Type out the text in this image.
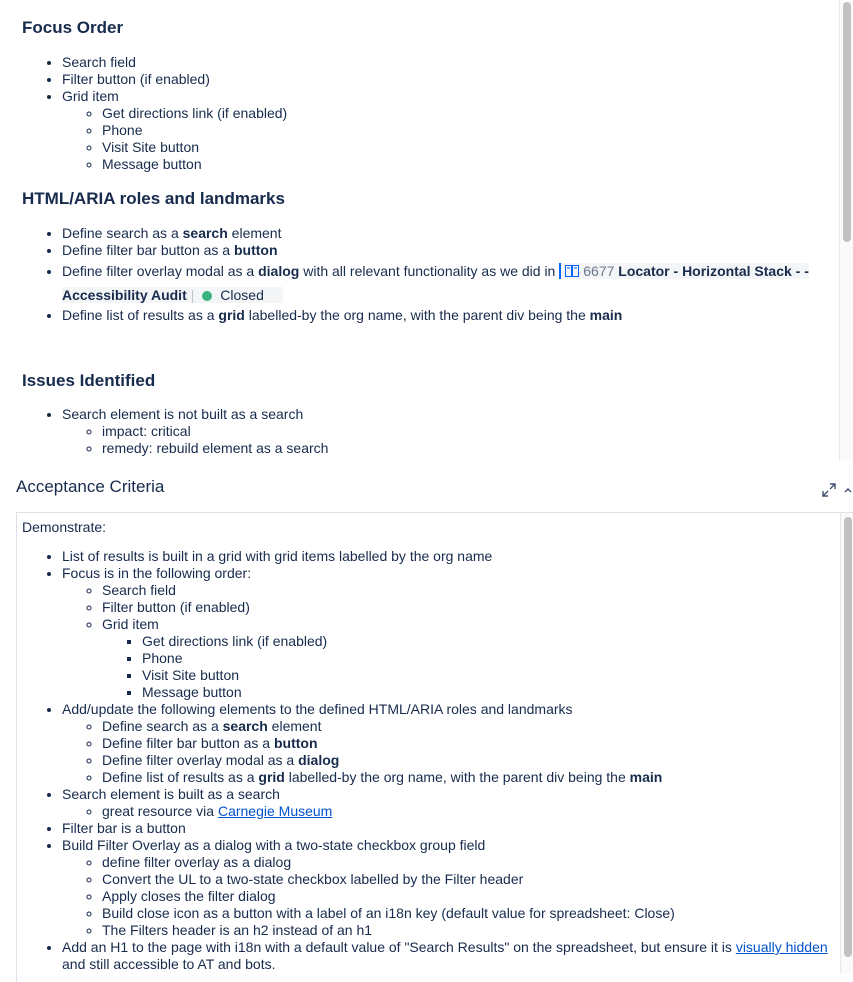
Focus Order
• Search field
• Filter button (if enabled)
• Grid item
◦ Get directions link (if enabled)
◦ Phone
◦ Visit Site button
◦ Message button
HTML/ARIA roles and landmarks
• Define search as a search element
• Define filter bar button as a button
• Define filter overlay modal as a dialog with all relevant functionality as we did in 6677 Locator - Horizontal Stack - - Accessibility Audit | Closed
• Define list of results as a grid labelled-by the org name, with the parent div being the main
Issues Identified
• Search element is not built as a search
◦ impact: critical
◦ remedy: rebuild element as a search
Acceptance Criteria

Demonstrate:

• List of results is built in a grid with grid items labelled by the org name
• Focus is in the following order:
◦ Search field
◦ Filter button (if enabled)
◦ Grid item
▪ Get directions link (if enabled)
▪ Phone
▪ Visit Site button
▪ Message button
• Add/update the following elements to the defined HTML/ARIA roles and landmarks
◦ Define search as a search element
◦ Define filter bar button as a button
◦ Define filter overlay modal as a dialog
◦ Define list of results as a grid labelled-by the org name, with the parent div being the main
• Search element is built as a search
◦ great resource via Carnegie Museum
• Filter bar is a button
• Build Filter Overlay as a dialog with a two-state checkbox group field
◦ define filter overlay as a dialog
◦ Convert the UL to a two-state checkbox labelled by the Filter header
◦ Apply closes the filter dialog
◦ Build close icon as a button with a label of an i18n key (default value for spreadsheet: Close)
◦ The Filters header is an h2 instead of an h1
• Add an H1 to the page with i18n with a default value of "Search Results" on the spreadsheet, but ensure it is visually hidden and still accessible to AT and bots.
